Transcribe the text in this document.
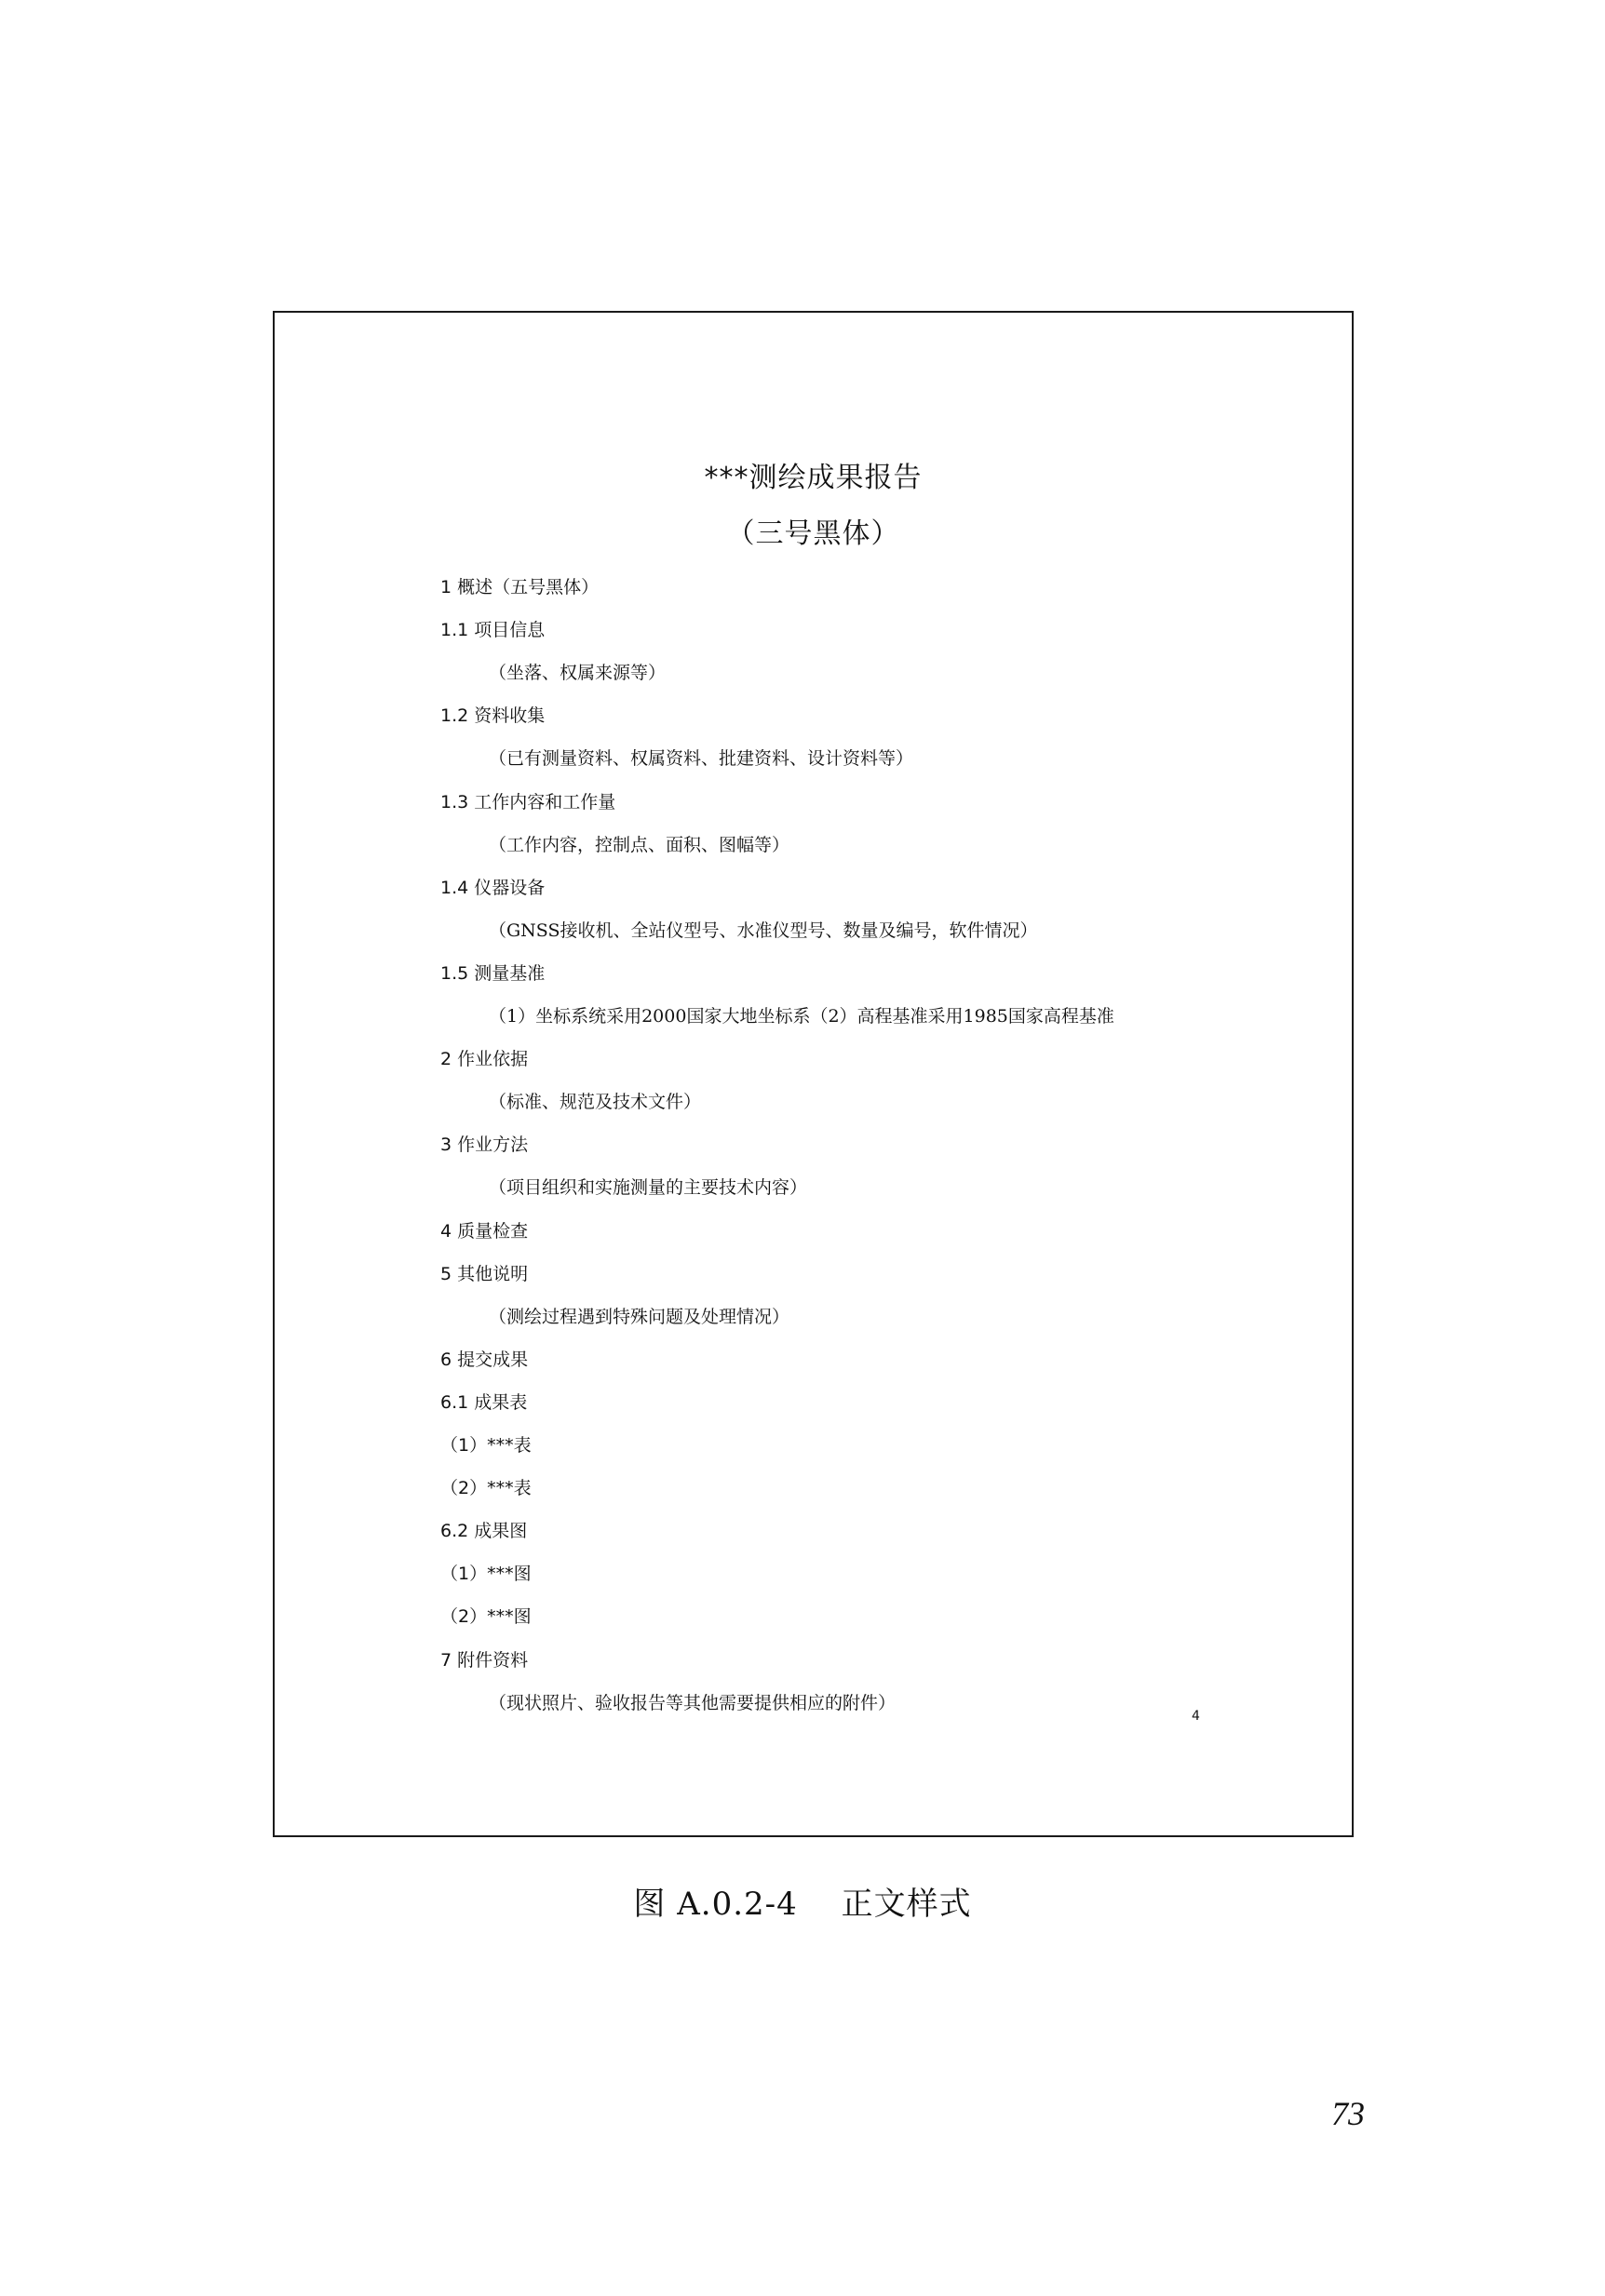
***测绘成果报告
（三号黑体）
1 概述（五号黑体）
1.1 项目信息
（坐落、权属来源等）
1.2 资料收集
（已有测量资料、权属资料、批建资料、设计资料等）
1.3 工作内容和工作量
（工作内容，控制点、面积、图幅等）
1.4 仪器设备
（GNSS接收机、全站仪型号、水准仪型号、数量及编号，软件情况）
1.5 测量基准
（1）坐标系统采用2000国家大地坐标系（2）高程基准采用1985国家高程基准
2 作业依据
（标准、规范及技术文件）
3 作业方法
（项目组织和实施测量的主要技术内容）
4 质量检查
5 其他说明
（测绘过程遇到特殊问题及处理情况）
6 提交成果
6.1 成果表
（1）***表
（2）***表
6.2 成果图
（1）***图
（2）***图
7 附件资料
（现状照片、验收报告等其他需要提供相应的附件）
4
图 A.0.2-4　 正文样式
73
